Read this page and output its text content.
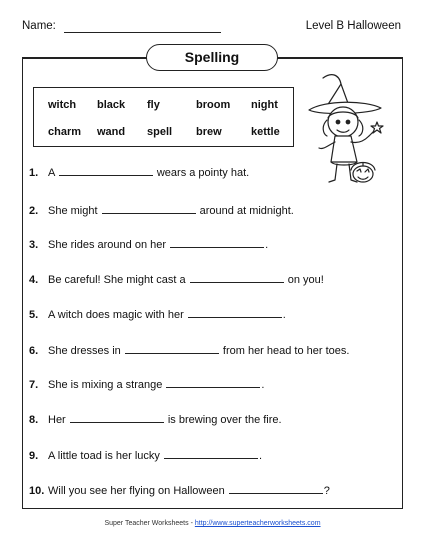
Name:	Level B Halloween
Spelling
witch black fly	broom night
charm wand spell brew	kettle
1. A	wears a pointy hat.
2. She might	around at midnight.
3. She rides around on her	.
4. Be careful! She might cast a	on you!
5. A witch does magic with her	.
6. She dresses in	from her head to her toes.
7. She is mixing a strange	.
8. Her	is brewing over the fire.
9. A little toad is her lucky	.
10. Will you see her flying on Halloween	?
Super Teacher Worksheets - http://www.superteacherworksheets.com
